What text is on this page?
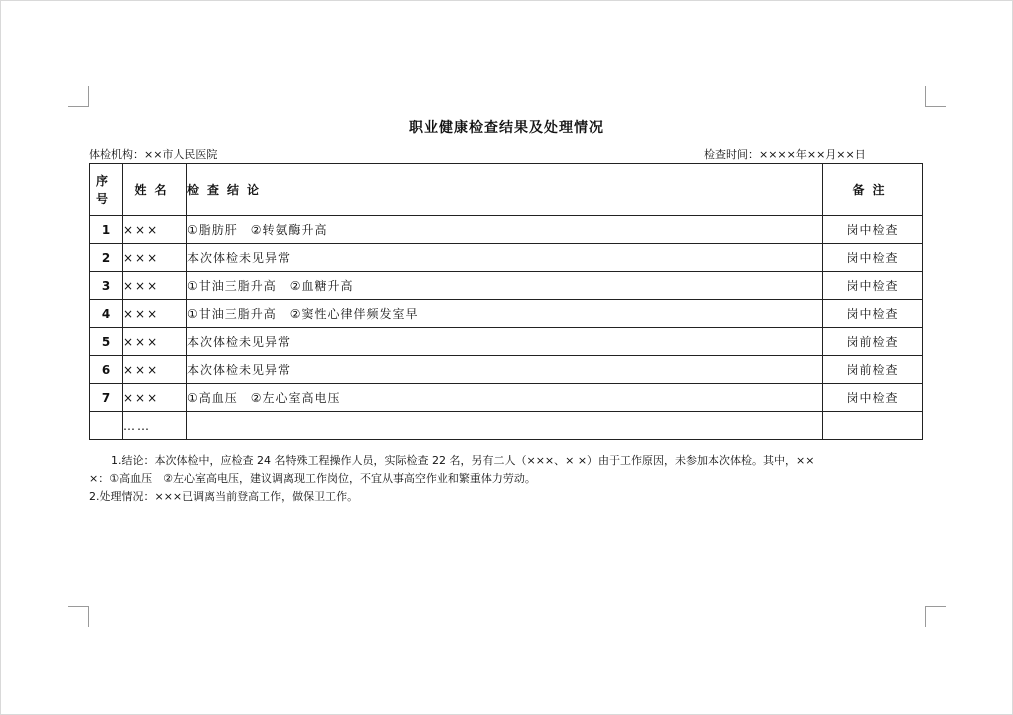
职业健康检查结果及处理情况
体检机构：××市人民医院	检查时间：××××年××月××日
序
号	姓名	检查结论	备注
1	×××	①脂肪肝　②转氨酶升高	岗中检查
2	×××	本次体检未见异常	岗中检查
3	×××	①甘油三脂升高　②血糖升高	岗中检查
4	×××	①甘油三脂升高　②窦性心律伴频发室早	岗中检查
5	×××	本次体检未见异常	岗前检查
6	×××	本次体检未见异常	岗前检查
7	×××	①高血压　②左心室高电压	岗中检查
	……		

1.结论：本次体检中，应检查 24 名特殊工程操作人员，实际检查 22 名，另有二人（×××、× ×）由于工作原因，未参加本次体检。其中，××

×：①高血压　②左心室高电压，建议调离现工作岗位，不宜从事高空作业和繁重体力劳动。

2.处理情况：×××已调离当前登高工作，做保卫工作。
